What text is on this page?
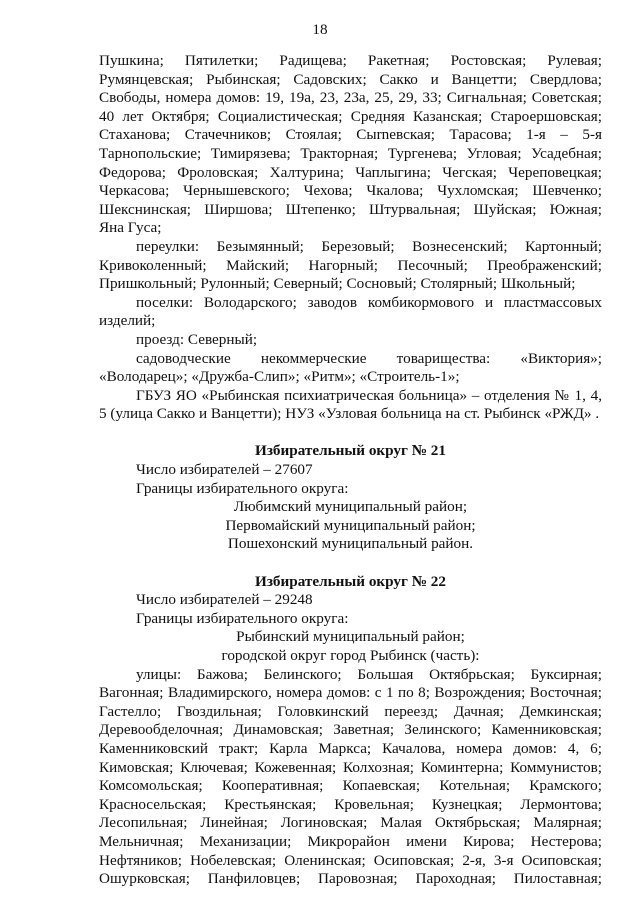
18

Пушкина; Пятилетки; Радищева; Ракетная; Ростовская; Рулевая;

Румянцевская; Рыбинская; Садовских; Сакко и Ванцетти; Свердлова;

Свободы, номера домов: 19, 19а, 23, 23а, 25, 29, 33; Сигнальная; Советская;

40 лет Октября; Социалистическая; Средняя Казанская; Староершовская;

Стаханова; Стачечников; Стоялая; Сыrnевская; Тарасова; 1-я – 5-я

Тарнопольские; Тимирязева; Тракторная; Тургенева; Угловая; Усадебная;

Федорова; Фроловская; Халтурина; Чаплыгина; Чегская; Череповецкая;

Черкасова; Чернышевского; Чехова; Чкалова; Чухломская; Шевченко;

Шекснинская; Ширшова; Штепенко; Штурвальная; Шуйская; Южная;

Яна Гуса;

переулки: Безымянный; Березовый; Вознесенский; Картонный;

Кривоколенный; Майский; Нагорный; Песочный; Преображенский;

Пришкольный; Рулонный; Северный; Сосновый; Столярный; Школьный;

поселки: Володарского; заводов комбикормового и пластмассовых

изделий;

проезд: Северный;

садоводческие некоммерческие товарищества: «Виктория»;

«Володарец»; «Дружба-Слип»; «Ритм»; «Строитель-1»;

ГБУЗ ЯО «Рыбинская психиатрическая больница» – отделения № 1, 4,

5 (улица Сакко и Ванцетти); НУЗ «Узловая больница на ст. Рыбинск «РЖД» .

Избирательный округ № 21

Число избирателей – 27607

Границы избирательного округа:

Любимский муниципальный район;

Первомайский муниципальный район;

Пошехонский муниципальный район.

Избирательный округ № 22

Число избирателей – 29248

Границы избирательного округа:

Рыбинский муниципальный район;

городской округ город Рыбинск (часть):

улицы: Бажова; Белинского; Большая Октябрьская; Буксирная;

Вагонная; Владимирского, номера домов: с 1 по 8; Возрождения; Восточная;

Гастелло; Гвоздильная; Головкинский переезд; Дачная; Демкинская;

Деревообделочная; Динамовская; Заветная; Зелинского; Каменниковская;

Каменниковский тракт; Карла Маркса; Качалова, номера домов: 4, 6;

Кимовская; Ключевая; Кожевенная; Колхозная; Коминтерна; Коммунистов;

Комсомольская; Кооперативная; Копаевская; Котельная; Крамского;

Красносельская; Крестьянская; Кровельная; Кузнецкая; Лермонтова;

Лесопильная; Линейная; Логиновская; Малая Октябрьская; Малярная;

Мельничная; Механизации; Микрорайон имени Кирова; Нестерова;

Нефтяников; Нобелевская; Оленинская; Осиповская; 2-я, 3-я Осиповская;

Ошурковская; Панфиловцев; Паровозная; Пароходная; Пилоставная;
